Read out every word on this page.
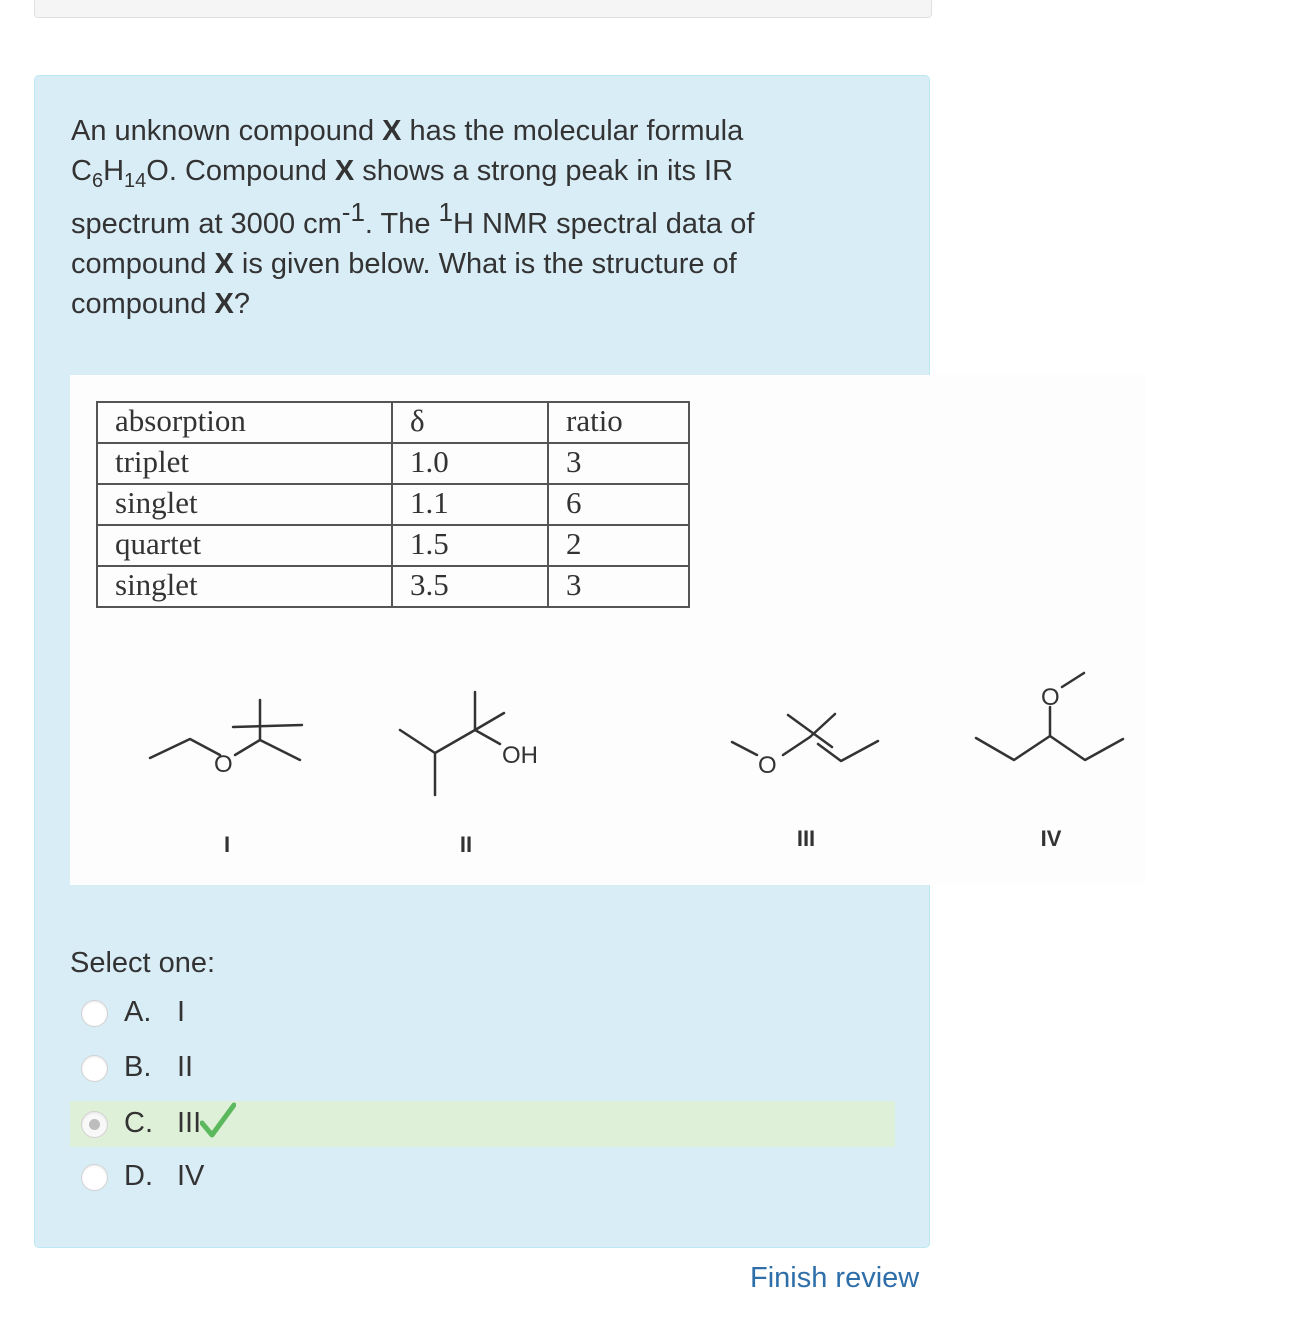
An unknown compound X has the molecular formula
$C_6H_{14}O$. Compound X shows a strong peak in its IR
spectrum at 3000 $cm^{-1}$. The $^1$H NMR spectral data of
compound X is given below. What is the structure of
compound X?
absorption	δ	ratio
triplet	1.0	3
singlet	1.1	6
quartet	1.5	2
singlet	3.5	3
O	OH	O
O
I	II	III	IV
Select one:
A. I
B. II
C. III
D. IV
Finish review
